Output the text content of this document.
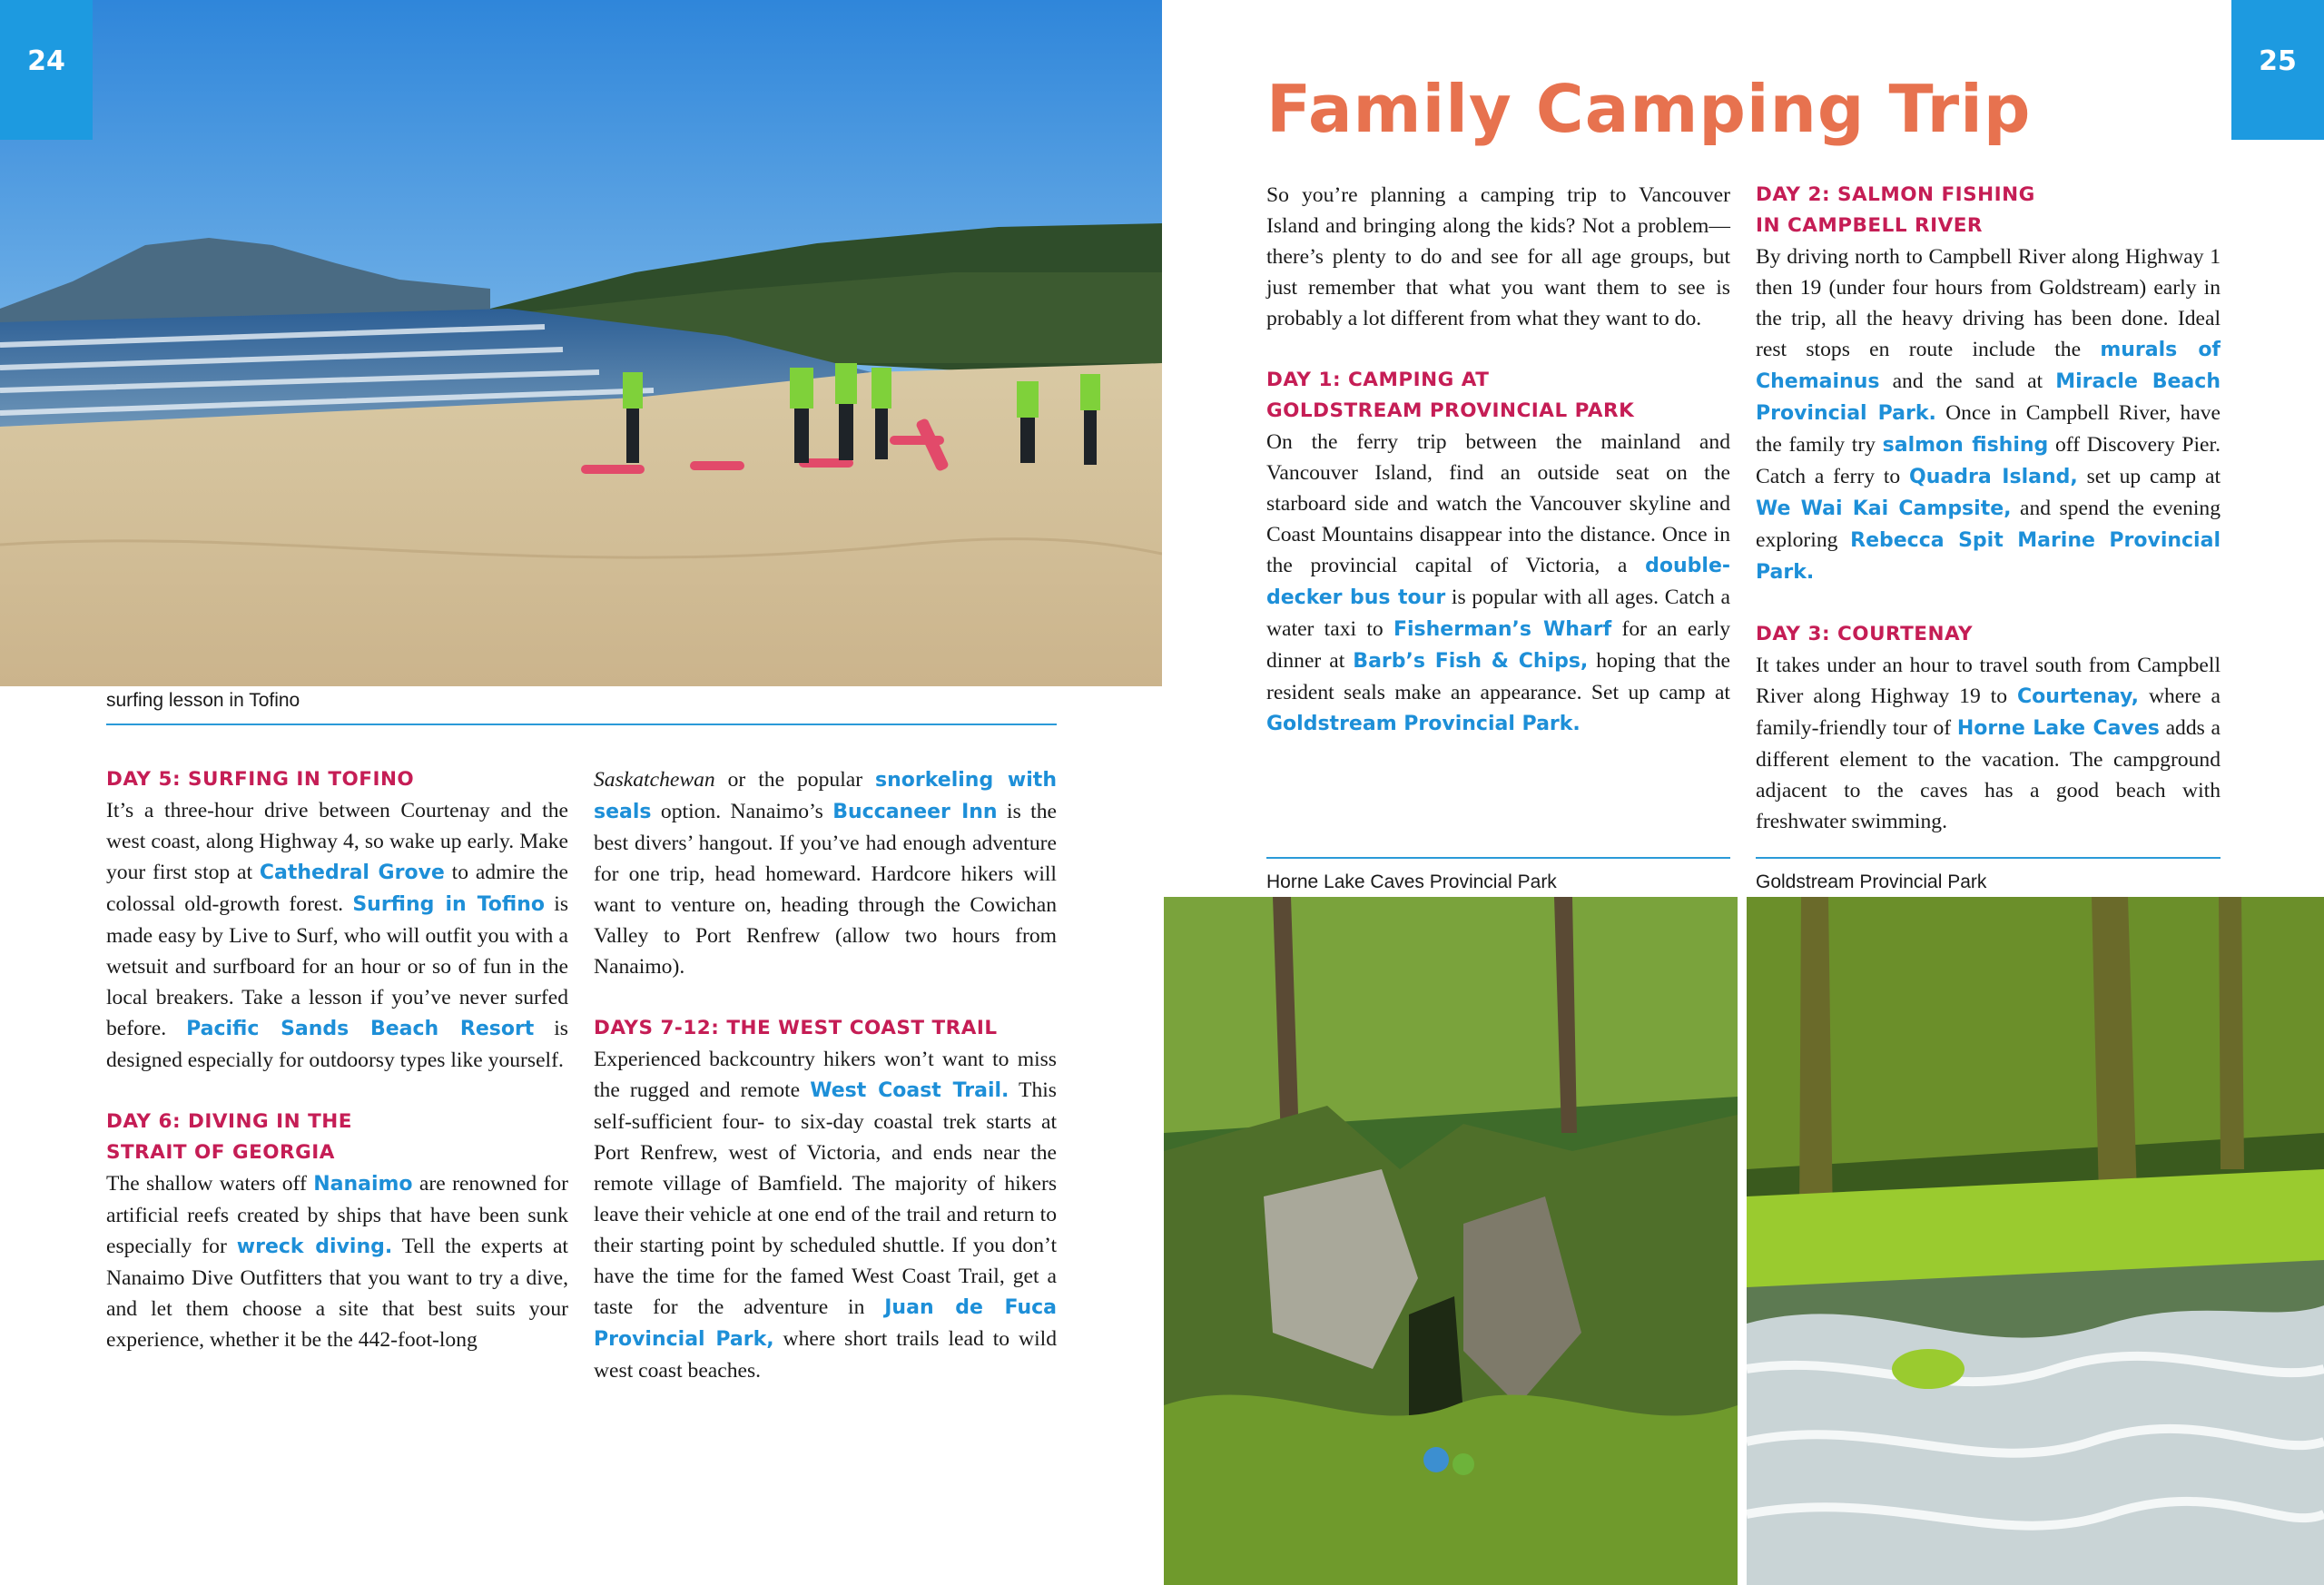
24	25
Family Camping Trip
surfing lesson in Tofino
Horne Lake Caves Provincial Park	Goldstream Provincial Park

So you’re planning a camping trip to Vancouver Island and bringing along the kids? Not a problem—there’s plenty to do and see for all age groups, but just remember that what you want them to see is probably a lot different from what they want to do.

DAY 1: CAMPING AT
GOLDSTREAM PROVINCIAL PARK
On the ferry trip between the mainland and Vancouver Island, find an outside seat on the starboard side and watch the Vancouver skyline and Coast Mountains disappear into the distance. Once in the provincial capital of Victoria, a double-decker bus tour is popular with all ages. Catch a water taxi to Fisherman’s Wharf for an early dinner at Barb’s Fish & Chips, hoping that the resident seals make an appearance. Set up camp at Goldstream Provincial Park.

DAY 2: SALMON FISHING
IN CAMPBELL RIVER
By driving north to Campbell River along Highway 1 then 19 (under four hours from Goldstream) early in the trip, all the heavy driving has been done. Ideal rest stops en route include the murals of Chemainus and the sand at Miracle Beach Provincial Park. Once in Campbell River, have the family try salmon fishing off Discovery Pier. Catch a ferry to Quadra Island, set up camp at We Wai Kai Campsite, and spend the evening exploring Rebecca Spit Marine Provincial Park.

DAY 3: COURTENAY
It takes under an hour to travel south from Campbell River along Highway 19 to Courtenay, where a family-friendly tour of Horne Lake Caves adds a different element to the vacation. The campground adjacent to the caves has a good beach with freshwater swimming.

DAY 5: SURFING IN TOFINO
It’s a three-hour drive between Courtenay and the west coast, along Highway 4, so wake up early. Make your first stop at Cathedral Grove to admire the colossal old-growth forest. Surfing in Tofino is made easy by Live to Surf, who will outfit you with a wetsuit and surfboard for an hour or so of fun in the local breakers. Take a lesson if you’ve never surfed before. Pacific Sands Beach Resort is designed especially for outdoorsy types like yourself.

DAY 6: DIVING IN THE
STRAIT OF GEORGIA
The shallow waters off Nanaimo are renowned for artificial reefs created by ships that have been sunk especially for wreck diving. Tell the experts at Nanaimo Dive Outfitters that you want to try a dive, and let them choose a site that best suits your experience, whether it be the 442-foot-long

Saskatchewan or the popular snorkeling with seals option. Nanaimo’s Buccaneer Inn is the best divers’ hangout. If you’ve had enough adventure for one trip, head homeward. Hardcore hikers will want to venture on, heading through the Cowichan Valley to Port Renfrew (allow two hours from Nanaimo).

DAYS 7-12: THE WEST COAST TRAIL
Experienced backcountry hikers won’t want to miss the rugged and remote West Coast Trail. This self-sufficient four- to six-day coastal trek starts at Port Renfrew, west of Victoria, and ends near the remote village of Bamfield. The majority of hikers leave their vehicle at one end of the trail and return to their starting point by scheduled shuttle. If you don’t have the time for the famed West Coast Trail, get a taste for the adventure in Juan de Fuca Provincial Park, where short trails lead to wild west coast beaches.
